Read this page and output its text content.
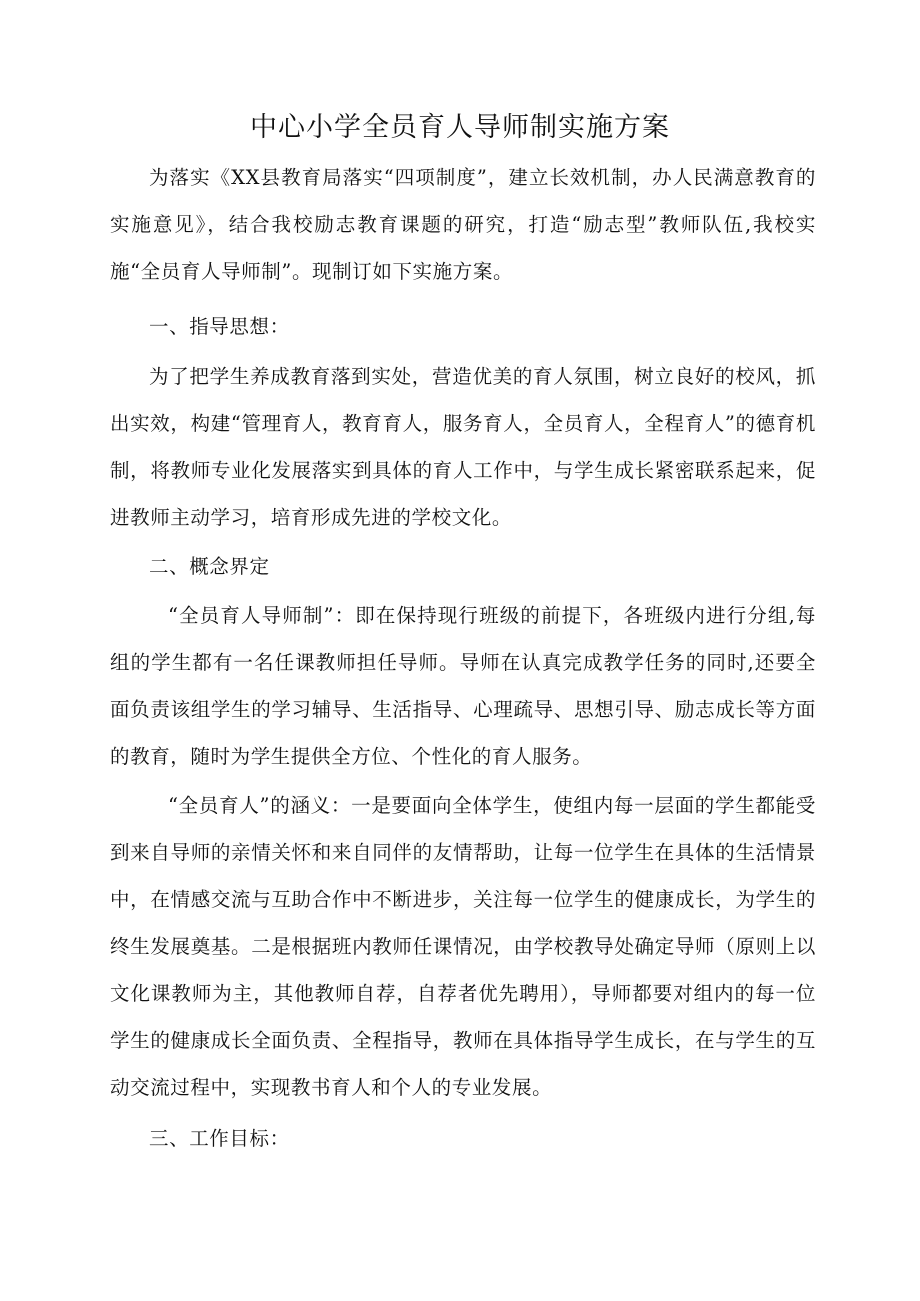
中心小学全员育人导师制实施方案

为落实《XX县教育局落实“四项制度”，建立长效机制，办人民满意教育的实施意见》，结合我校励志教育课题的研究，打造“励志型”教师队伍,我校实施“全员育人导师制”。现制订如下实施方案。

一、指导思想：

为了把学生养成教育落到实处，营造优美的育人氛围，树立良好的校风，抓出实效，构建“管理育人，教育育人，服务育人，全员育人，全程育人”的德育机制，将教师专业化发展落实到具体的育人工作中，与学生成长紧密联系起来，促进教师主动学习，培育形成先进的学校文化。

二、概念界定

“全员育人导师制”：即在保持现行班级的前提下，各班级内进行分组,每组的学生都有一名任课教师担任导师。导师在认真完成教学任务的同时,还要全面负责该组学生的学习辅导、生活指导、心理疏导、思想引导、励志成长等方面的教育，随时为学生提供全方位、个性化的育人服务。

“全员育人”的涵义：一是要面向全体学生，使组内每一层面的学生都能受到来自导师的亲情关怀和来自同伴的友情帮助，让每一位学生在具体的生活情景中，在情感交流与互助合作中不断进步，关注每一位学生的健康成长，为学生的终生发展奠基。二是根据班内教师任课情况，由学校教导处确定导师（原则上以文化课教师为主，其他教师自荐，自荐者优先聘用），导师都要对组内的每一位学生的健康成长全面负责、全程指导，教师在具体指导学生成长，在与学生的互动交流过程中，实现教书育人和个人的专业发展。

三、工作目标：
